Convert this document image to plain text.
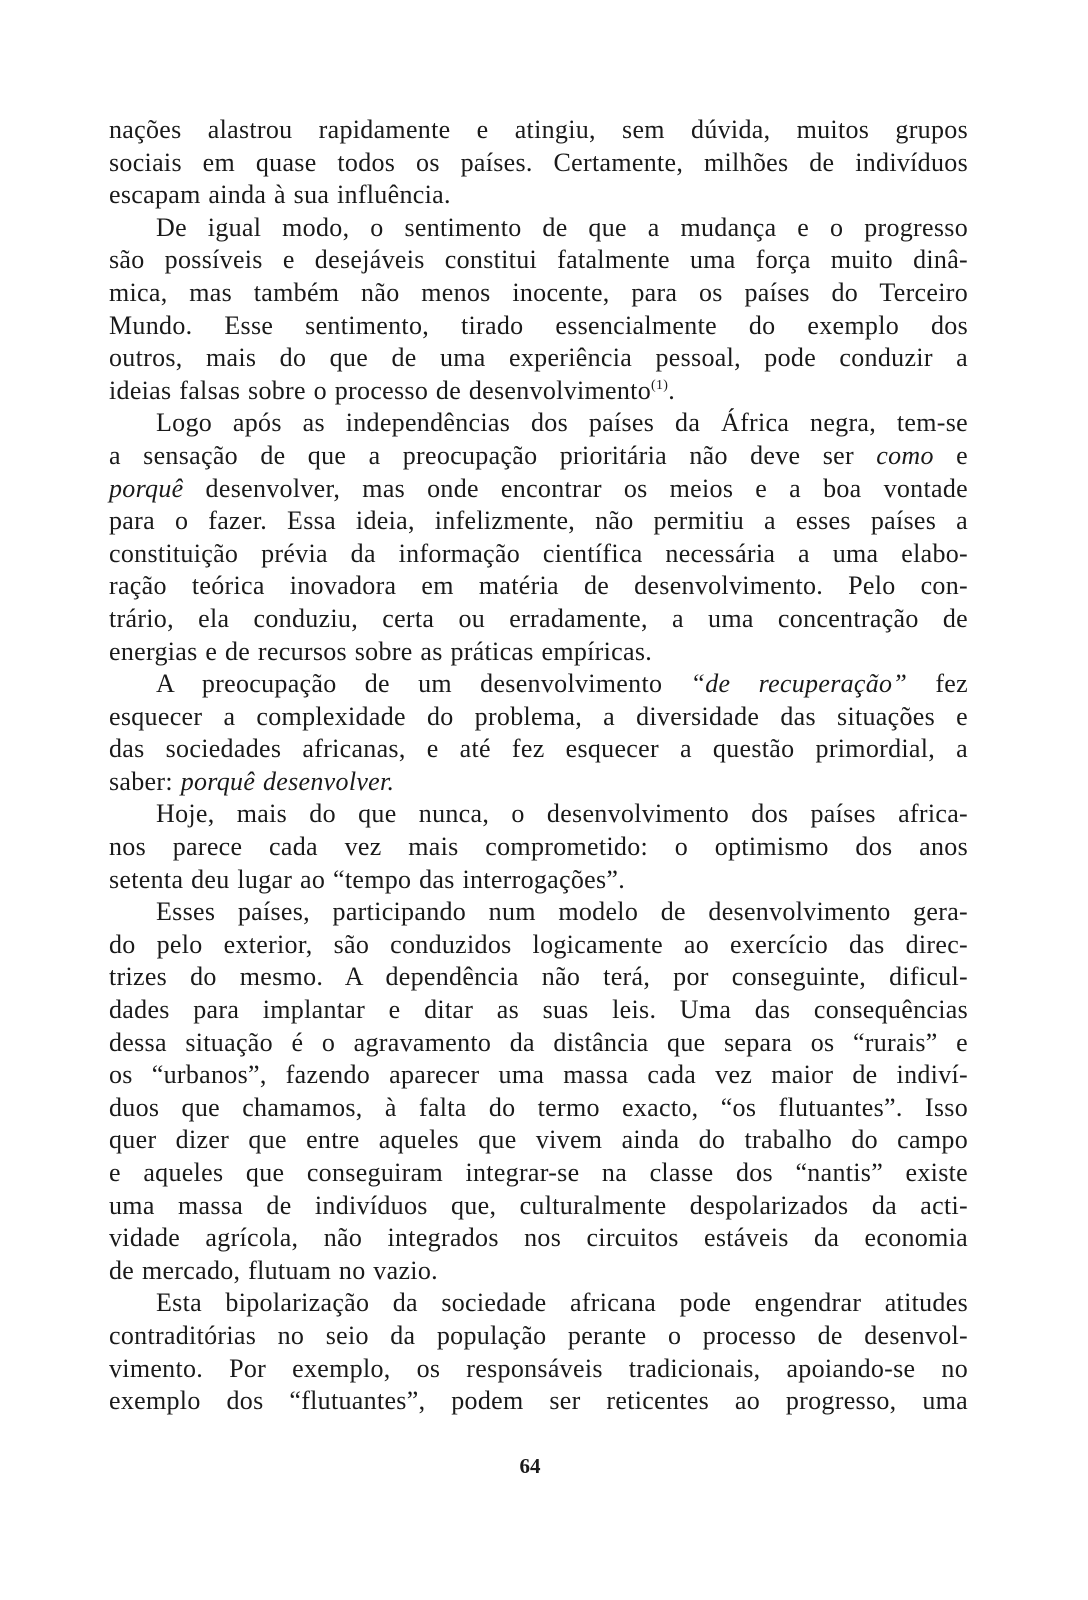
nações alastrou rapidamente e atingiu, sem dúvida, muitos grupos
sociais em quase todos os países. Certamente, milhões de indivíduos
escapam ainda à sua influência.
De igual modo, o sentimento de que a mudança e o progresso
são possíveis e desejáveis constitui fatalmente uma força muito dinâ-
mica, mas também não menos inocente, para os países do Terceiro
Mundo. Esse sentimento, tirado essencialmente do exemplo dos
outros, mais do que de uma experiência pessoal, pode conduzir a
ideias falsas sobre o processo de desenvolvimento$^{(1)}$.
Logo após as independências dos países da África negra, tem-se
a sensação de que a preocupação prioritária não deve ser como e
porquê desenvolver, mas onde encontrar os meios e a boa vontade
para o fazer. Essa ideia, infelizmente, não permitiu a esses países a
constituição prévia da informação científica necessária a uma elabo-
ração teórica inovadora em matéria de desenvolvimento. Pelo con-
trário, ela conduziu, certa ou erradamente, a uma concentração de
energias e de recursos sobre as práticas empíricas.
A preocupação de um desenvolvimento “de recuperação” fez
esquecer a complexidade do problema, a diversidade das situações e
das sociedades africanas, e até fez esquecer a questão primordial, a
saber: porquê desenvolver.
Hoje, mais do que nunca, o desenvolvimento dos países africa-
nos parece cada vez mais comprometido: o optimismo dos anos
setenta deu lugar ao “tempo das interrogações”.
Esses países, participando num modelo de desenvolvimento gera-
do pelo exterior, são conduzidos logicamente ao exercício das direc-
trizes do mesmo. A dependência não terá, por conseguinte, dificul-
dades para implantar e ditar as suas leis. Uma das consequências
dessa situação é o agravamento da distância que separa os “rurais” e
os “urbanos”, fazendo aparecer uma massa cada vez maior de indiví-
duos que chamamos, à falta do termo exacto, “os flutuantes”. Isso
quer dizer que entre aqueles que vivem ainda do trabalho do campo
e aqueles que conseguiram integrar-se na classe dos “nantis” existe
uma massa de indivíduos que, culturalmente despolarizados da acti-
vidade agrícola, não integrados nos circuitos estáveis da economia
de mercado, flutuam no vazio.
Esta bipolarização da sociedade africana pode engendrar atitudes
contraditórias no seio da população perante o processo de desenvol-
vimento. Por exemplo, os responsáveis tradicionais, apoiando-se no
exemplo dos “flutuantes”, podem ser reticentes ao progresso, uma
64
